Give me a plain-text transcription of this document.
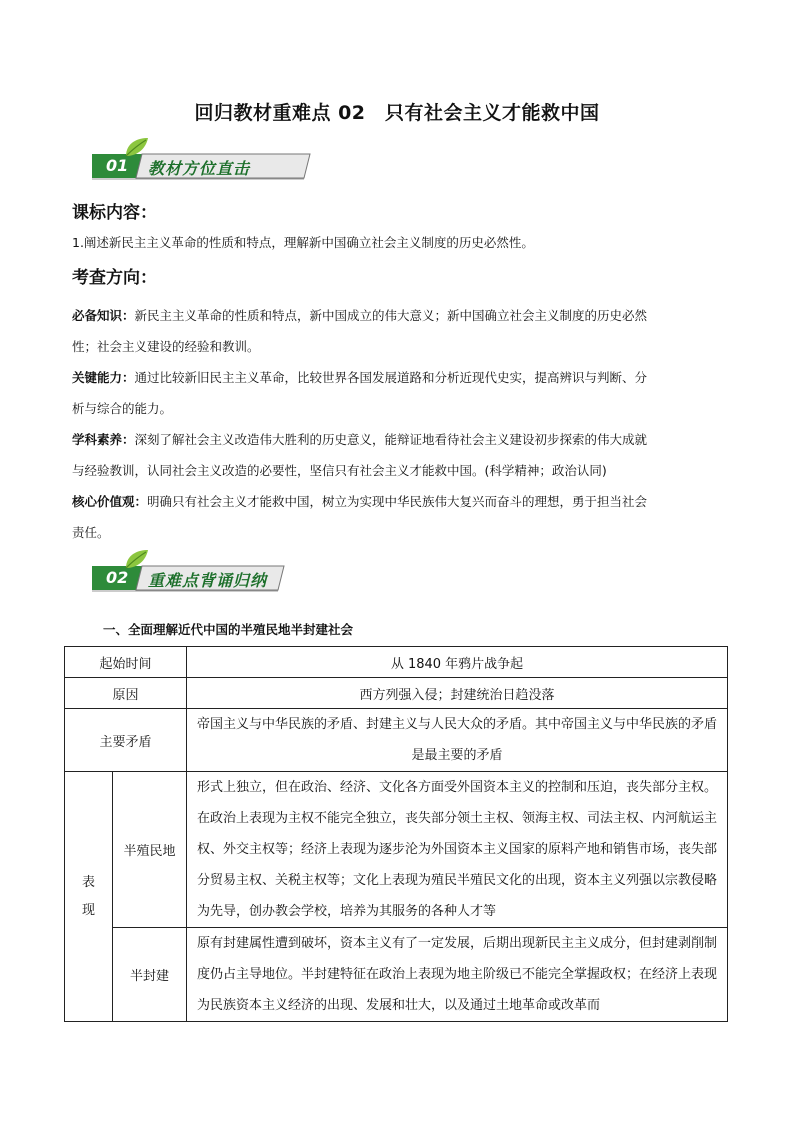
回归教材重难点 02　只有社会主义才能救中国
01 教材方位直击
课标内容：
1.阐述新民主主义革命的性质和特点，理解新中国确立社会主义制度的历史必然性。
考查方向：
必备知识：新民主主义革命的性质和特点，新中国成立的伟大意义；新中国确立社会主义制度的历史必然
性；社会主义建设的经验和教训。
关键能力：通过比较新旧民主主义革命，比较世界各国发展道路和分析近现代史实，提高辨识与判断、分
析与综合的能力。
学科素养：深刻了解社会主义改造伟大胜利的历史意义，能辩证地看待社会主义建设初步探索的伟大成就
与经验教训，认同社会主义改造的必要性，坚信只有社会主义才能救中国。(科学精神；政治认同)
核心价值观：明确只有社会主义才能救中国，树立为实现中华民族伟大复兴而奋斗的理想，勇于担当社会
责任。
02 重难点背诵归纳
一、全面理解近代中国的半殖民地半封建社会
起始时间		从 1840 年鸦片战争起
原因		西方列强入侵；封建统治日趋没落
主要矛盾		帝国主义与中华民族的矛盾、封建主义与人民大众的矛盾。其中帝国主义与中华民族的矛盾是最主要的矛盾

表
现	半殖民地	形式上独立，但在政治、经济、文化各方面受外国资本主义的控制和压迫，丧失部分主权。在政治上表现为主权不能完全独立，丧失部分领土主权、领海主权、司法主权、内河航运主权、外交主权等；经济上表现为逐步沦为外国资本主义国家的原料产地和销售市场，丧失部分贸易主权、关税主权等；文化上表现为殖民半殖民文化的出现，资本主义列强以宗教侵略为先导，创办教会学校，培养为其服务的各种人才等
	半封建	原有封建属性遭到破坏，资本主义有了一定发展，后期出现新民主主义成分，但封建剥削制度仍占主导地位。半封建特征在政治上表现为地主阶级已不能完全掌握政权；在经济上表现为民族资本主义经济的出现、发展和壮大，以及通过土地革命或改革而
